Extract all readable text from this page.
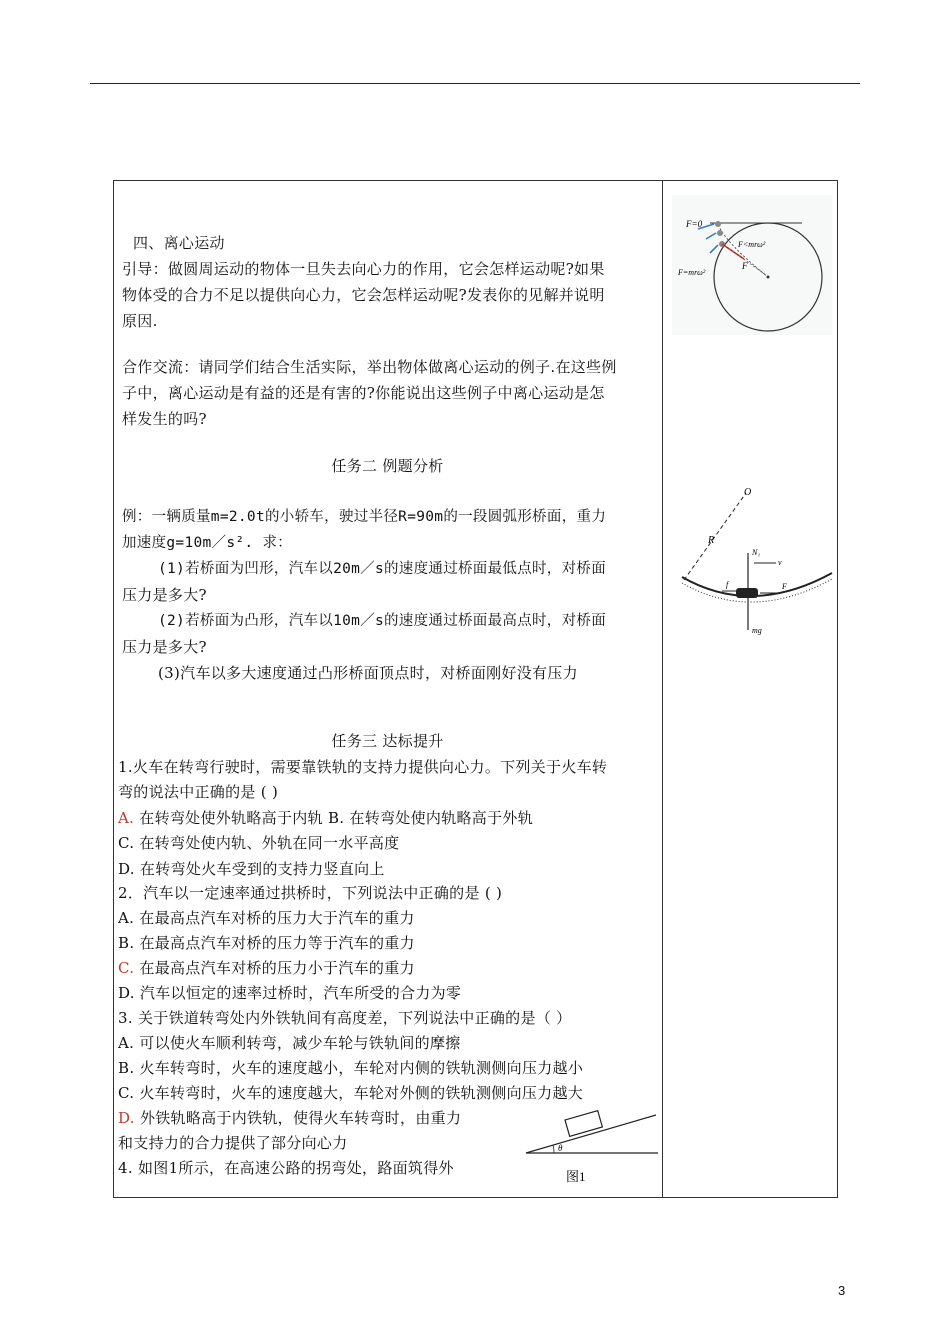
四、离心运动
引导：做圆周运动的物体一旦失去向心力的作用，它会怎样运动呢?如果
物体受的合力不足以提供向心力，它会怎样运动呢?发表你的见解并说明
原因.
合作交流：请同学们结合生活实际，举出物体做离心运动的例子.在这些例
子中，离心运动是有益的还是有害的?你能说出这些例子中离心运动是怎
样发生的吗?
任务二 例题分析
例：一辆质量m=2.0t的小轿车，驶过半径R=90m的一段圆弧形桥面，重力
加速度g=10m／s². 求：
(1)若桥面为凹形，汽车以20m／s的速度通过桥面最低点时，对桥面
压力是多大?
(2)若桥面为凸形，汽车以10m／s的速度通过桥面最高点时，对桥面
压力是多大?
(3)汽车以多大速度通过凸形桥面顶点时，对桥面刚好没有压力
任务三 达标提升
1.火车在转弯行驶时，需要靠铁轨的支持力提供向心力。下列关于火车转
弯的说法中正确的是 ( )
A. 在转弯处使外轨略高于内轨 B. 在转弯处使内轨略高于外轨
C. 在转弯处使内轨、外轨在同一水平高度
D. 在转弯处火车受到的支持力竖直向上
2．汽车以一定速率通过拱桥时，下列说法中正确的是 ( )
A. 在最高点汽车对桥的压力大于汽车的重力
B. 在最高点汽车对桥的压力等于汽车的重力
C. 在最高点汽车对桥的压力小于汽车的重力
D. 汽车以恒定的速率过桥时，汽车所受的合力为零
3. 关于铁道转弯处内外铁轨间有高度差，下列说法中正确的是（ ）
A. 可以使火车顺利转弯，减少车轮与铁轨间的摩擦
B. 火车转弯时，火车的速度越小，车轮对内侧的铁轨测侧向压力越小
C. 火车转弯时，火车的速度越大，车轮对外侧的铁轨测侧向压力越大
D. 外铁轨略高于内铁轨，使得火车转弯时，由重力
和支持力的合力提供了部分向心力
4. 如图1所示，在高速公路的拐弯处，路面筑得外
θ
图1
F=0
F<mrω²
F=mrω²
F
O
R
N₁
v
f	F
mg
3
